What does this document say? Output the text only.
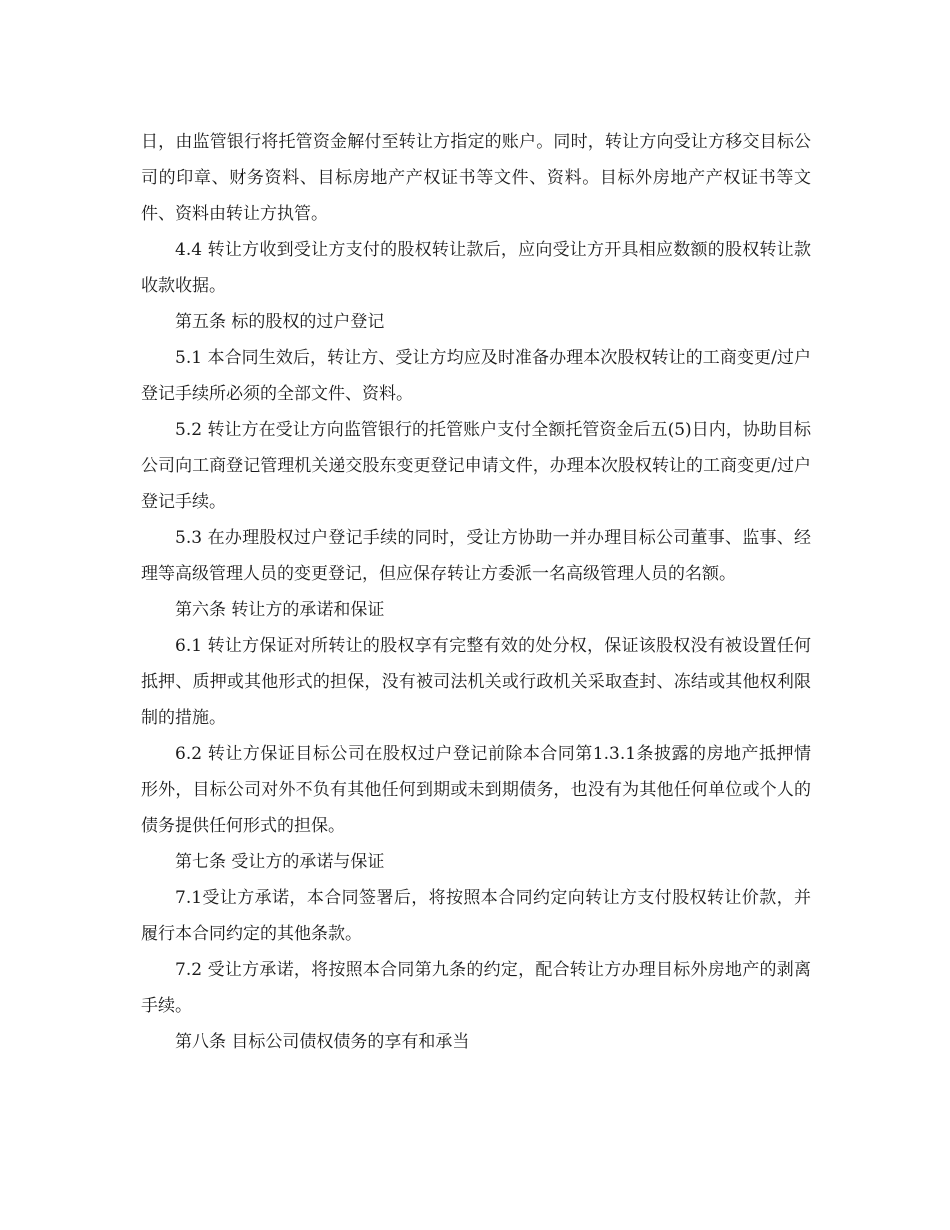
日，由监管银行将托管资金解付至转让方指定的账户。同时，转让方向受让方移交目标公司的印章、财务资料、目标房地产产权证书等文件、资料。目标外房地产产权证书等文件、资料由转让方执管。

4.4 转让方收到受让方支付的股权转让款后，应向受让方开具相应数额的股权转让款收款收据。

第五条 标的股权的过户登记

5.1 本合同生效后，转让方、受让方均应及时准备办理本次股权转让的工商变更/过户登记手续所必须的全部文件、资料。

5.2 转让方在受让方向监管银行的托管账户支付全额托管资金后五(5)日内，协助目标公司向工商登记管理机关递交股东变更登记申请文件，办理本次股权转让的工商变更/过户登记手续。

5.3 在办理股权过户登记手续的同时，受让方协助一并办理目标公司董事、监事、经理等高级管理人员的变更登记，但应保存转让方委派一名高级管理人员的名额。

第六条 转让方的承诺和保证

6.1 转让方保证对所转让的股权享有完整有效的处分权，保证该股权没有被设置任何抵押、质押或其他形式的担保，没有被司法机关或行政机关采取查封、冻结或其他权利限制的措施。

6.2 转让方保证目标公司在股权过户登记前除本合同第1.3.1条披露的房地产抵押情形外，目标公司对外不负有其他任何到期或未到期债务，也没有为其他任何单位或个人的债务提供任何形式的担保。

第七条 受让方的承诺与保证

7.1受让方承诺，本合同签署后，将按照本合同约定向转让方支付股权转让价款，并履行本合同约定的其他条款。

7.2 受让方承诺，将按照本合同第九条的约定，配合转让方办理目标外房地产的剥离手续。

第八条 目标公司债权债务的享有和承当
